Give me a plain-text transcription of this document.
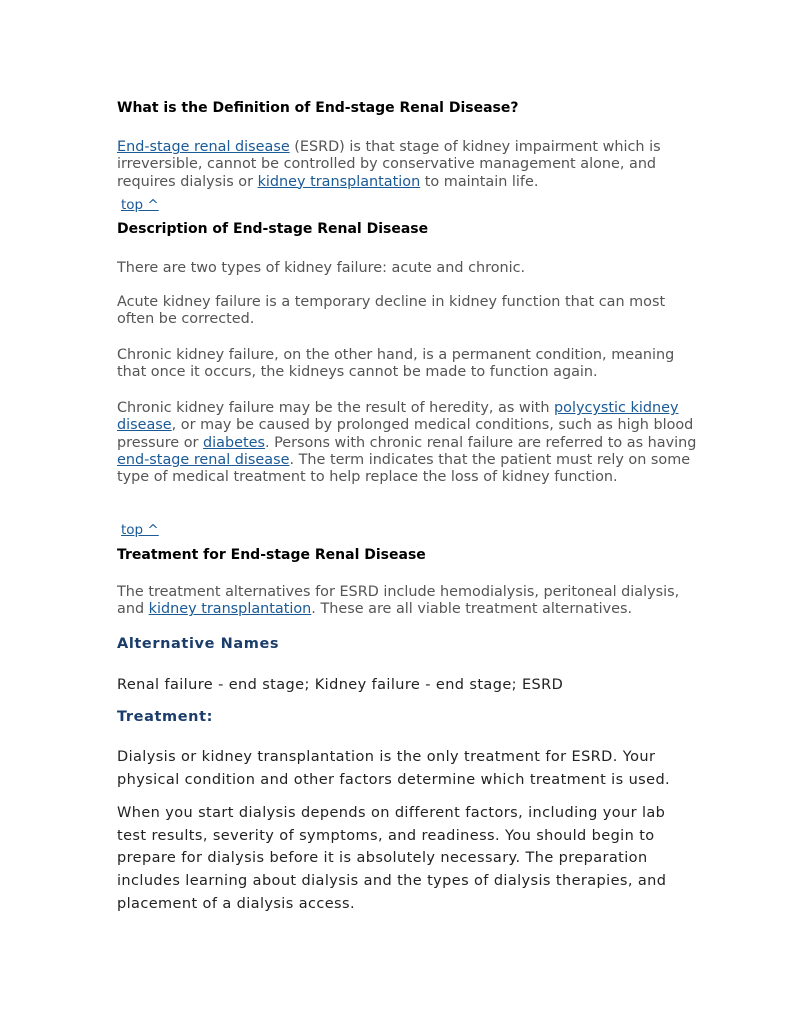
What is the Definition of End-stage Renal Disease?
End-stage renal disease (ESRD) is that stage of kidney impairment which is irreversible, cannot be controlled by conservative management alone, and requires dialysis or kidney transplantation to maintain life.
top ^
Description of End-stage Renal Disease
There are two types of kidney failure: acute and chronic.
Acute kidney failure is a temporary decline in kidney function that can most often be corrected.
Chronic kidney failure, on the other hand, is a permanent condition, meaning that once it occurs, the kidneys cannot be made to function again.
Chronic kidney failure may be the result of heredity, as with polycystic kidney disease, or may be caused by prolonged medical conditions, such as high blood pressure or diabetes. Persons with chronic renal failure are referred to as having end-stage renal disease. The term indicates that the patient must rely on some type of medical treatment to help replace the loss of kidney function.
top ^
Treatment for End-stage Renal Disease
The treatment alternatives for ESRD include hemodialysis, peritoneal dialysis, and kidney transplantation. These are all viable treatment alternatives.
Alternative Names
Renal failure - end stage; Kidney failure - end stage; ESRD
Treatment:
Dialysis or kidney transplantation is the only treatment for ESRD. Your physical condition and other factors determine which treatment is used.
When you start dialysis depends on different factors, including your lab test results, severity of symptoms, and readiness. You should begin to prepare for dialysis before it is absolutely necessary. The preparation includes learning about dialysis and the types of dialysis therapies, and placement of a dialysis access.
